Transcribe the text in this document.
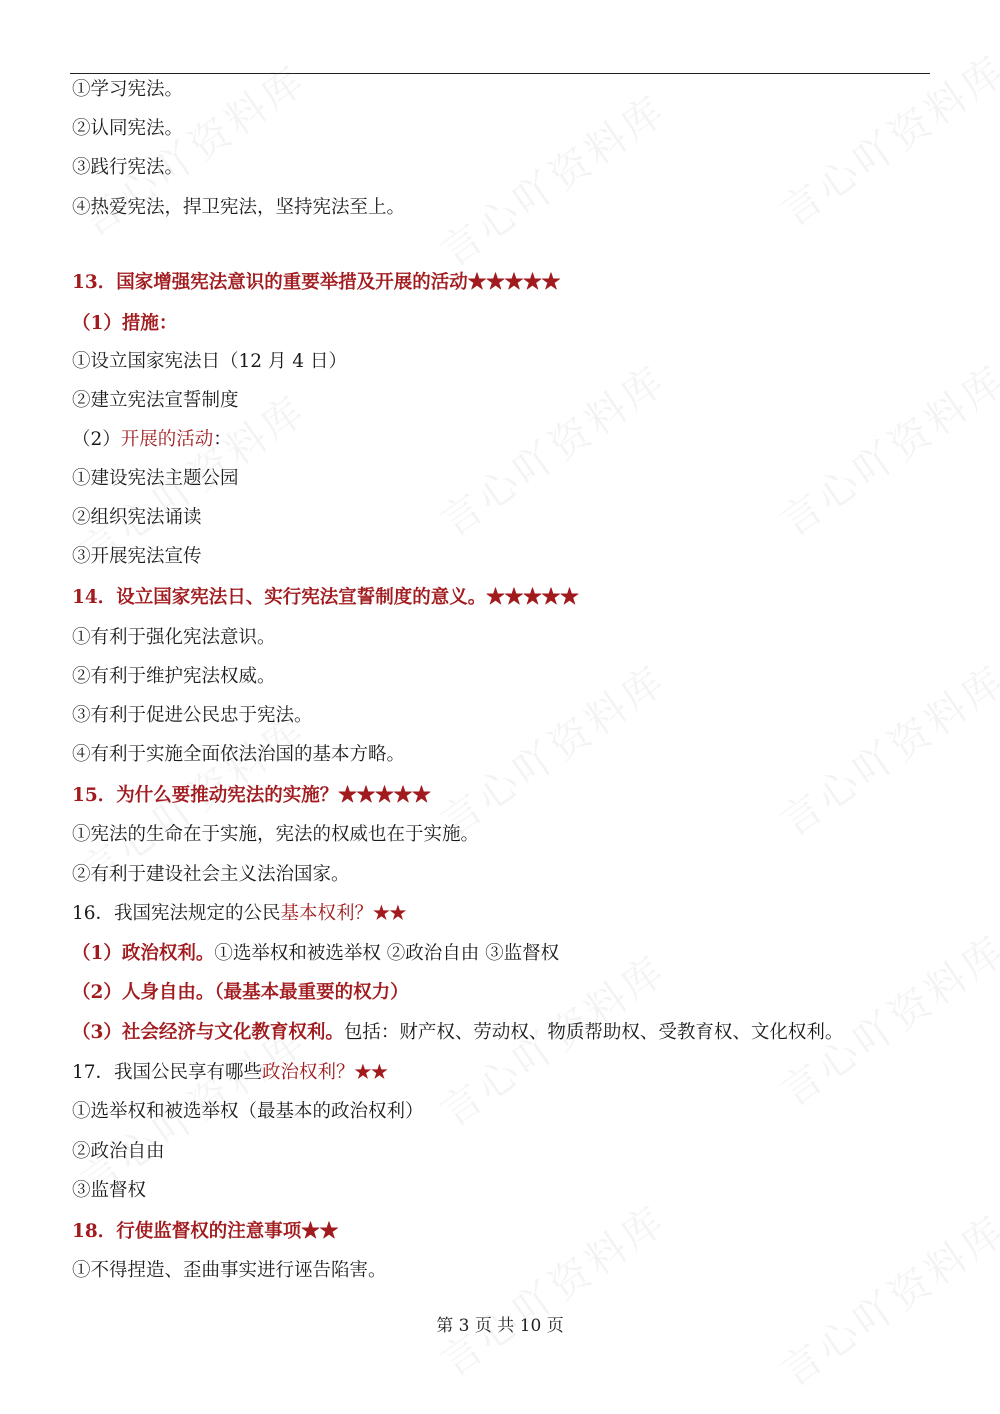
①学习宪法。
②认同宪法。
③践行宪法。
④热爱宪法，捍卫宪法，坚持宪法至上。
13．国家增强宪法意识的重要举措及开展的活动★★★★★
（1）措施：
①设立国家宪法日（12 月 4 日）
②建立宪法宣誓制度
（2）开展的活动：
①建设宪法主题公园
②组织宪法诵读
③开展宪法宣传
14．设立国家宪法日、实行宪法宣誓制度的意义。★★★★★
①有利于强化宪法意识。
②有利于维护宪法权威。
③有利于促进公民忠于宪法。
④有利于实施全面依法治国的基本方略。
15．为什么要推动宪法的实施？★★★★★
①宪法的生命在于实施，宪法的权威也在于实施。
②有利于建设社会主义法治国家。
16．我国宪法规定的公民基本权利？★★
（1）政治权利。①选举权和被选举权 ②政治自由 ③监督权
（2）人身自由。（最基本最重要的权力）
（3）社会经济与文化教育权利。包括：财产权、劳动权、物质帮助权、受教育权、文化权利。
17．我国公民享有哪些政治权利？★★
①选举权和被选举权（最基本的政治权利）
②政治自由
③监督权
18．行使监督权的注意事项★★
①不得捏造、歪曲事实进行诬告陷害。
第 3 页 共 10 页
